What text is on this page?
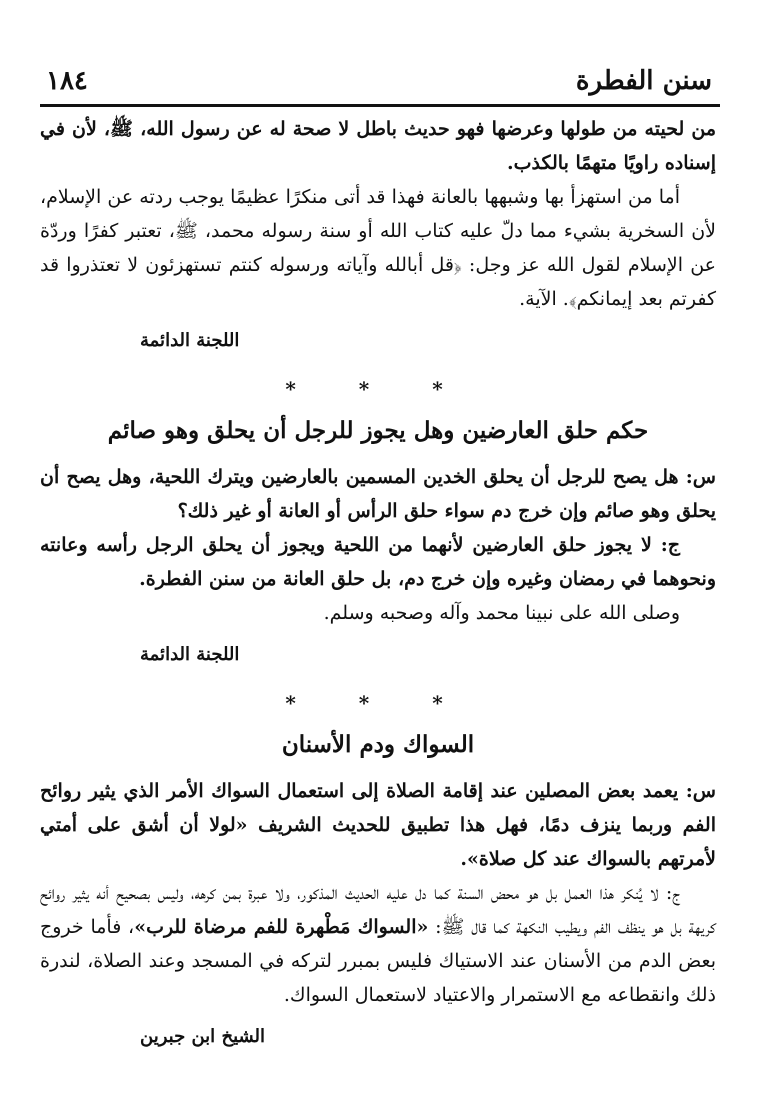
سنن الفطرة
١٨٤

من لحيته من طولها وعرضها فهو حديث باطل لا صحة له عن رسول الله، ﷺ، لأن في إسناده راويًا متهمًا بالكذب.

أما من استهزأ بها وشبهها بالعانة فهذا قد أتى منكرًا عظيمًا يوجب ردته عن الإسلام، لأن السخرية بشيء مما دلّ عليه كتاب الله أو سنة رسوله محمد، ﷺ، تعتبر كفرًا وردّة عن الإسلام لقول الله عز وجل: ﴿قل أبالله وآياته ورسوله كنتم تستهزئون لا تعتذروا قد كفرتم بعد إيمانكم﴾. الآية.

اللجنة الدائمة

* * *
حكم حلق العارضين وهل يجوز للرجل أن يحلق وهو صائم

س: هل يصح للرجل أن يحلق الخدين المسمين بالعارضين ويترك اللحية، وهل يصح أن يحلق وهو صائم وإن خرج دم سواء حلق الرأس أو العانة أو غير ذلك؟

ج: لا يجوز حلق العارضين لأنهما من اللحية ويجوز أن يحلق الرجل رأسه وعانته ونحوهما في رمضان وغيره وإن خرج دم، بل حلق العانة من سنن الفطرة.

وصلى الله على نبينا محمد وآله وصحبه وسلم.

اللجنة الدائمة

* * *
السواك ودم الأسنان

س: يعمد بعض المصلين عند إقامة الصلاة إلى استعمال السواك الأمر الذي يثير روائح الفم وربما ينزف دمًا، فهل هذا تطبيق للحديث الشريف «لولا أن أشق على أمتي لأمرتهم بالسواك عند كل صلاة».

ج: لا يُنكر هذا العمل بل هو محض السنة كما دل عليه الحديث المذكور، ولا عبرة بمن كرهه، وليس بصحيح أنه يثير روائح كريهة بل هو ينظف الفم ويطيب النكهة كما قال ﷺ: «السواك مَطْهرة للفم مرضاة للرب»، فأما خروج بعض الدم من الأسنان عند الاستياك فليس بمبرر لتركه في المسجد وعند الصلاة، لندرة ذلك وانقطاعه مع الاستمرار والاعتياد لاستعمال السواك.

الشيخ ابن جبرين
